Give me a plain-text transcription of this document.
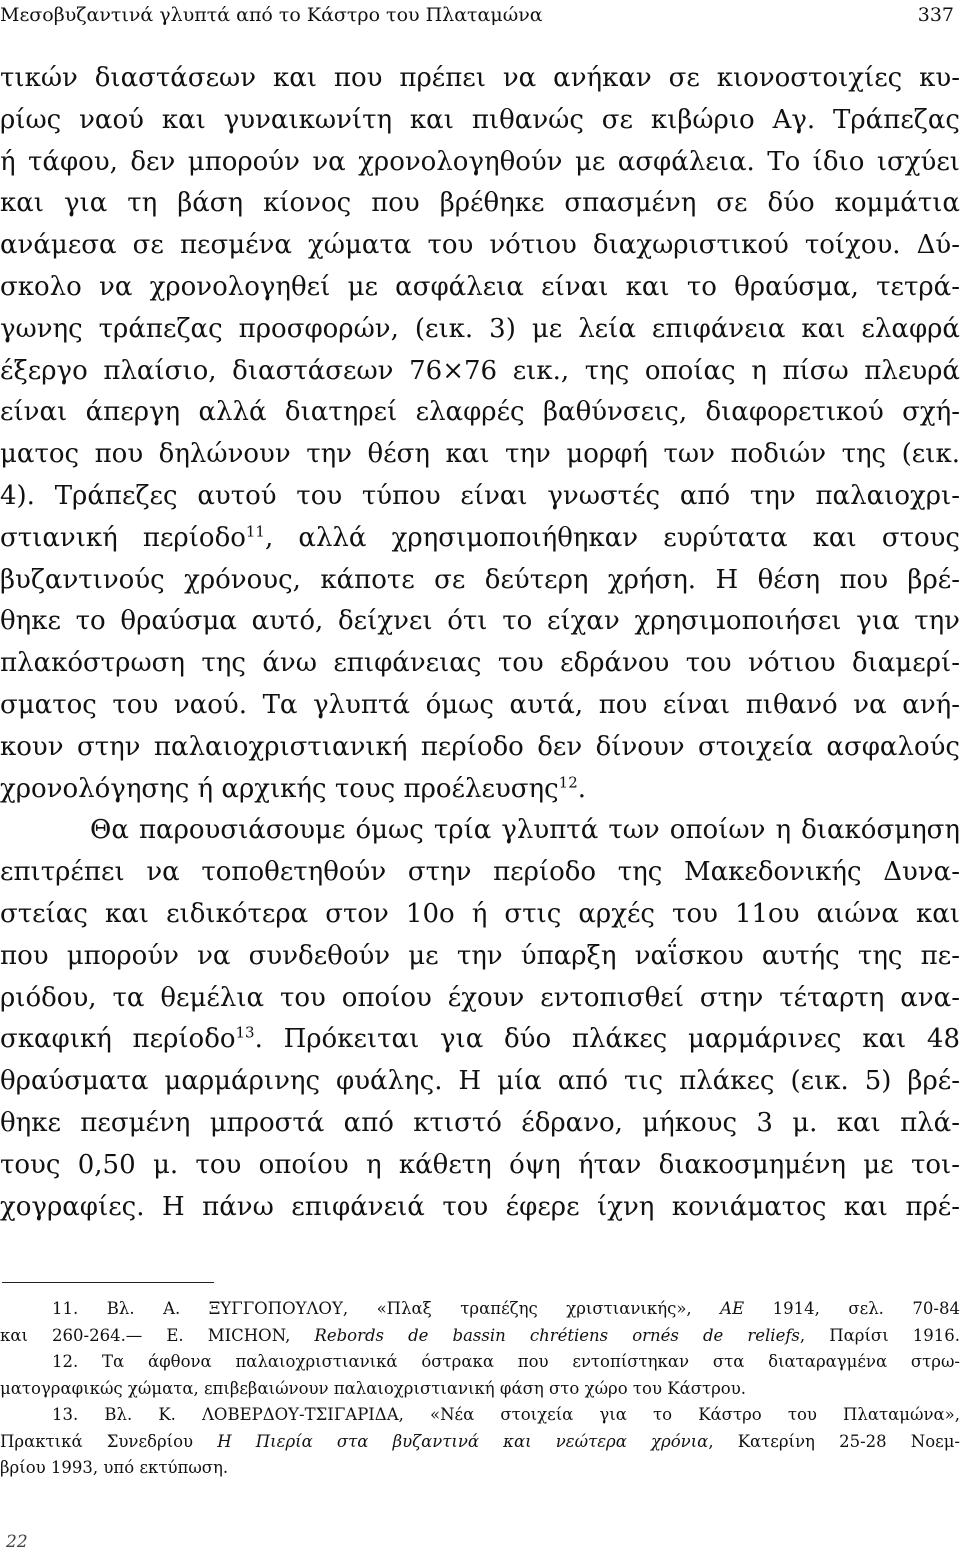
Μεσοβυζαντινά γλυπτά από το Κάστρο του Πλαταμώνα	337
τικών διαστάσεων και που πρέπει να ανήκαν σε κιονοστοιχίες κυ-
ρίως ναού και γυναικωνίτη και πιθανώς σε κιβώριο Αγ. Τράπεζας
ή τάφου, δεν μπορούν να χρονολογηθούν με ασφάλεια. Το ίδιο ισχύει
και για τη βάση κίονος που βρέθηκε σπασμένη σε δύο κομμάτια
ανάμεσα σε πεσμένα χώματα του νότιου διαχωριστικού τοίχου. Δύ-
σκολο να χρονολογηθεί με ασφάλεια είναι και το θραύσμα, τετρά-
γωνης τράπεζας προσφορών, (εικ. 3) με λεία επιφάνεια και ελαφρά
έξεργο πλαίσιο, διαστάσεων 76×76 εικ., της οποίας η πίσω πλευρά
είναι άπεργη αλλά διατηρεί ελαφρές βαθύνσεις, διαφορετικού σχή-
ματος που δηλώνουν την θέση και την μορφή των ποδιών της (εικ.
4). Τράπεζες αυτού του τύπου είναι γνωστές από την παλαιοχρι-
στιανική περίοδο$^{11}$, αλλά χρησιμοποιήθηκαν ευρύτατα και στους
βυζαντινούς χρόνους, κάποτε σε δεύτερη χρήση. Η θέση που βρέ-
θηκε το θραύσμα αυτό, δείχνει ότι το είχαν χρησιμοποιήσει για την
πλακόστρωση της άνω επιφάνειας του εδράνου του νότιου διαμερί-
σματος του ναού. Τα γλυπτά όμως αυτά, που είναι πιθανό να ανή-
κουν στην παλαιοχριστιανική περίοδο δεν δίνουν στοιχεία ασφαλούς
χρονολόγησης ή αρχικής τους προέλευσης$^{12}$.
Θα παρουσιάσουμε όμως τρία γλυπτά των οποίων η διακόσμηση
επιτρέπει να τοποθετηθούν στην περίοδο της Μακεδονικής Δυνα-
στείας και ειδικότερα στον 10ο ή στις αρχές του 11ου αιώνα και
που μπορούν να συνδεθούν με την ύπαρξη ναΐσκου αυτής της πε-
ριόδου, τα θεμέλια του οποίου έχουν εντοπισθεί στην τέταρτη ανα-
σκαφική περίοδο$^{13}$. Πρόκειται για δύο πλάκες μαρμάρινες και 48
θραύσματα μαρμάρινης φυάλης. Η μία από τις πλάκες (εικ. 5) βρέ-
θηκε πεσμένη μπροστά από κτιστό έδρανο, μήκους 3 μ. και πλά-
τους 0,50 μ. του οποίου η κάθετη όψη ήταν διακοσμημένη με τοι-
χογραφίες. Η πάνω επιφάνειά του έφερε ίχνη κονιάματος και πρέ-
11. Βλ. Α. ΞΥΓΓΟΠΟΥΛΟΥ, «Πλαξ τραπέζης χριστιανικής», ΑΕ 1914, σελ. 70-84
και 260-264.— Ε. MICHON, Rebords de bassin chrétiens ornés de reliefs, Παρίσι 1916.
12. Τα άφθονα παλαιοχριστιανικά όστρακα που εντοπίστηκαν στα διαταραγμένα στρω-
ματογραφικώς χώματα, επιβεβαιώνουν παλαιοχριστιανική φάση στο χώρο του Κάστρου.
13. Βλ. Κ. ΛΟΒΕΡΔΟΥ-ΤΣΙΓΑΡΙΔΑ, «Νέα στοιχεία για το Κάστρο του Πλαταμώνα»,
Πρακτικά Συνεδρίου Η Πιερία στα βυζαντινά και νεώτερα χρόνια, Κατερίνη 25-28 Νοεμ-
βρίου 1993, υπό εκτύπωση.
22
